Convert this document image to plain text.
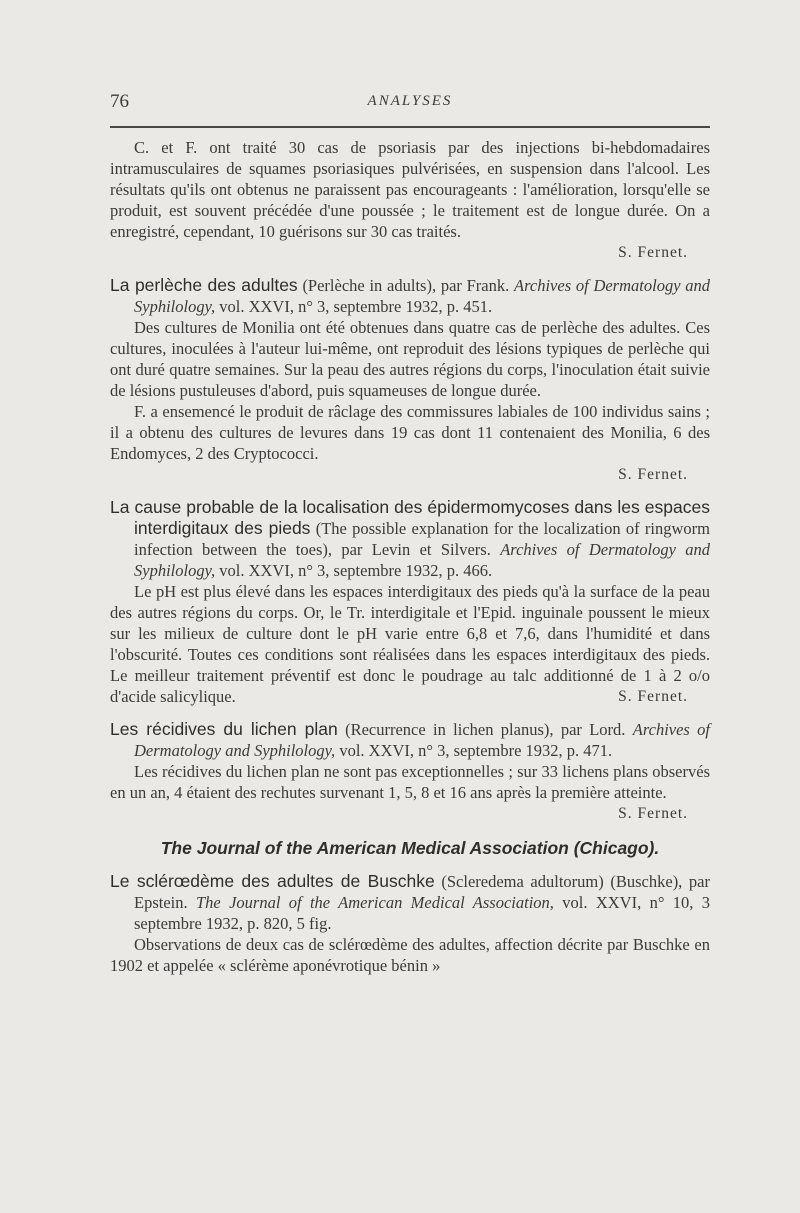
76	ANALYSES

C. et F. ont traité 30 cas de psoriasis par des injections bi-hebdomadaires intramusculaires de squames psoriasiques pulvérisées, en suspension dans l'alcool. Les résultats qu'ils ont obtenus ne paraissent pas encourageants : l'amélioration, lorsqu'elle se produit, est souvent précédée d'une poussée ; le traitement est de longue durée. On a enregistré, cependant, 10 guérisons sur 30 cas traités.

S. Fernet.

La perlèche des adultes (Perlèche in adults), par Frank. Archives of Dermatology and Syphilology, vol. XXVI, n° 3, septembre 1932, p. 451.

Des cultures de Monilia ont été obtenues dans quatre cas de perlèche des adultes. Ces cultures, inoculées à l'auteur lui-même, ont reproduit des lésions typiques de perlèche qui ont duré quatre semaines. Sur la peau des autres régions du corps, l'inoculation était suivie de lésions pustuleuses d'abord, puis squameuses de longue durée.

F. a ensemencé le produit de râclage des commissures labiales de 100 individus sains ; il a obtenu des cultures de levures dans 19 cas dont 11 contenaient des Monilia, 6 des Endomyces, 2 des Cryptococci.

S. Fernet.

La cause probable de la localisation des épidermomycoses dans les espaces interdigitaux des pieds (The possible explanation for the localization of ringworm infection between the toes), par Levin et Silvers. Archives of Dermatology and Syphilology, vol. XXVI, n° 3, septembre 1932, p. 466.

Le pH est plus élevé dans les espaces interdigitaux des pieds qu'à la surface de la peau des autres régions du corps. Or, le Tr. interdigitale et l'Epid. inguinale poussent le mieux sur les milieux de culture dont le pH varie entre 6,8 et 7,6, dans l'humidité et dans l'obscurité. Toutes ces conditions sont réalisées dans les espaces interdigitaux des pieds. Le meilleur traitement préventif est donc le poudrage au talc additionné de 1 à 2 o/o d'acide salicylique.	S. Fernet.

Les récidives du lichen plan (Recurrence in lichen planus), par Lord. Archives of Dermatology and Syphilology, vol. XXVI, n° 3, septembre 1932, p. 471.

Les récidives du lichen plan ne sont pas exceptionnelles ; sur 33 lichens plans observés en un an, 4 étaient des rechutes survenant 1, 5, 8 et 16 ans après la première atteinte.
S. Fernet.

The Journal of the American Medical Association (Chicago).

Le sclérœdème des adultes de Buschke (Scleredema adultorum) (Buschke), par Epstein. The Journal of the American Medical Association, vol. XXVI, n° 10, 3 septembre 1932, p. 820, 5 fig.

Observations de deux cas de sclérœdème des adultes, affection décrite par Buschke en 1902 et appelée « sclérème aponévrotique bénin »
